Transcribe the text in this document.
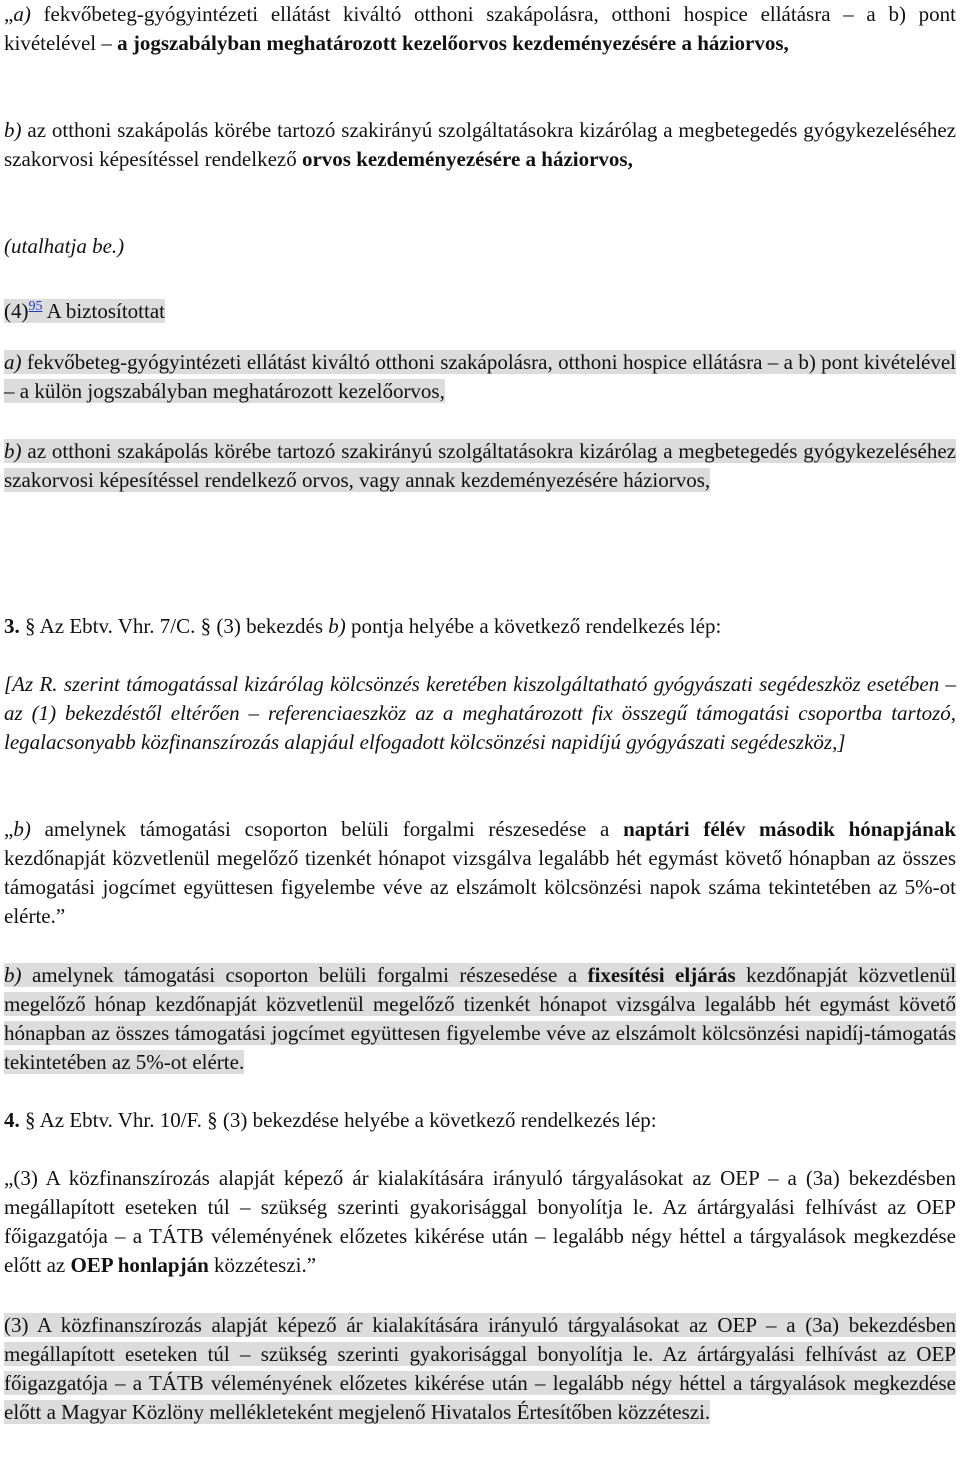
„a) fekvőbeteg-gyógyintézeti ellátást kiváltó otthoni szakápolásra, otthoni hospice ellátásra – a b) pont kivételével – a jogszabályban meghatározott kezelőorvos kezdeményezésére a háziorvos,

b) az otthoni szakápolás körébe tartozó szakirányú szolgáltatásokra kizárólag a megbetegedés gyógykezeléséhez szakorvosi képesítéssel rendelkező orvos kezdeményezésére a háziorvos,

(utalhatja be.)

$(4)^{95}$ A biztosítottat

a) fekvőbeteg-gyógyintézeti ellátást kiváltó otthoni szakápolásra, otthoni hospice ellátásra – a b) pont kivételével – a külön jogszabályban meghatározott kezelőorvos,

b) az otthoni szakápolás körébe tartozó szakirányú szolgáltatásokra kizárólag a megbetegedés gyógykezeléséhez szakorvosi képesítéssel rendelkező orvos, vagy annak kezdeményezésére háziorvos,

3. § Az Ebtv. Vhr. 7/C. § (3) bekezdés b) pontja helyébe a következő rendelkezés lép:

[Az R. szerint támogatással kizárólag kölcsönzés keretében kiszolgáltatható gyógyászati segédeszköz esetében – az (1) bekezdéstől eltérően – referenciaeszköz az a meghatározott fix összegű támogatási csoportba tartozó, legalacsonyabb közfinanszírozás alapjául elfogadott kölcsönzési napidíjú gyógyászati segédeszköz,]

„b) amelynek támogatási csoporton belüli forgalmi részesedése a naptári félév második hónapjának kezdőnapját közvetlenül megelőző tizenkét hónapot vizsgálva legalább hét egymást követő hónapban az összes támogatási jogcímet együttesen figyelembe véve az elszámolt kölcsönzési napok száma tekintetében az 5%-ot elérte.”

b) amelynek támogatási csoporton belüli forgalmi részesedése a fixesítési eljárás kezdőnapját közvetlenül megelőző hónap kezdőnapját közvetlenül megelőző tizenkét hónapot vizsgálva legalább hét egymást követő hónapban az összes támogatási jogcímet együttesen figyelembe véve az elszámolt kölcsönzési napidíj-támogatás tekintetében az 5%-ot elérte.

4. § Az Ebtv. Vhr. 10/F. § (3) bekezdése helyébe a következő rendelkezés lép:

„(3) A közfinanszírozás alapját képező ár kialakítására irányuló tárgyalásokat az OEP – a (3a) bekezdésben megállapított eseteken túl – szükség szerinti gyakorisággal bonyolítja le. Az ártárgyalási felhívást az OEP főigazgatója – a TÁTB véleményének előzetes kikérése után – legalább négy héttel a tárgyalások megkezdése előtt az OEP honlapján közzéteszi.”

(3) A közfinanszírozás alapját képező ár kialakítására irányuló tárgyalásokat az OEP – a (3a) bekezdésben megállapított eseteken túl – szükség szerinti gyakorisággal bonyolítja le. Az ártárgyalási felhívást az OEP főigazgatója – a TÁTB véleményének előzetes kikérése után – legalább négy héttel a tárgyalások megkezdése előtt a Magyar Közlöny mellékleteként megjelenő Hivatalos Értesítőben közzéteszi.
